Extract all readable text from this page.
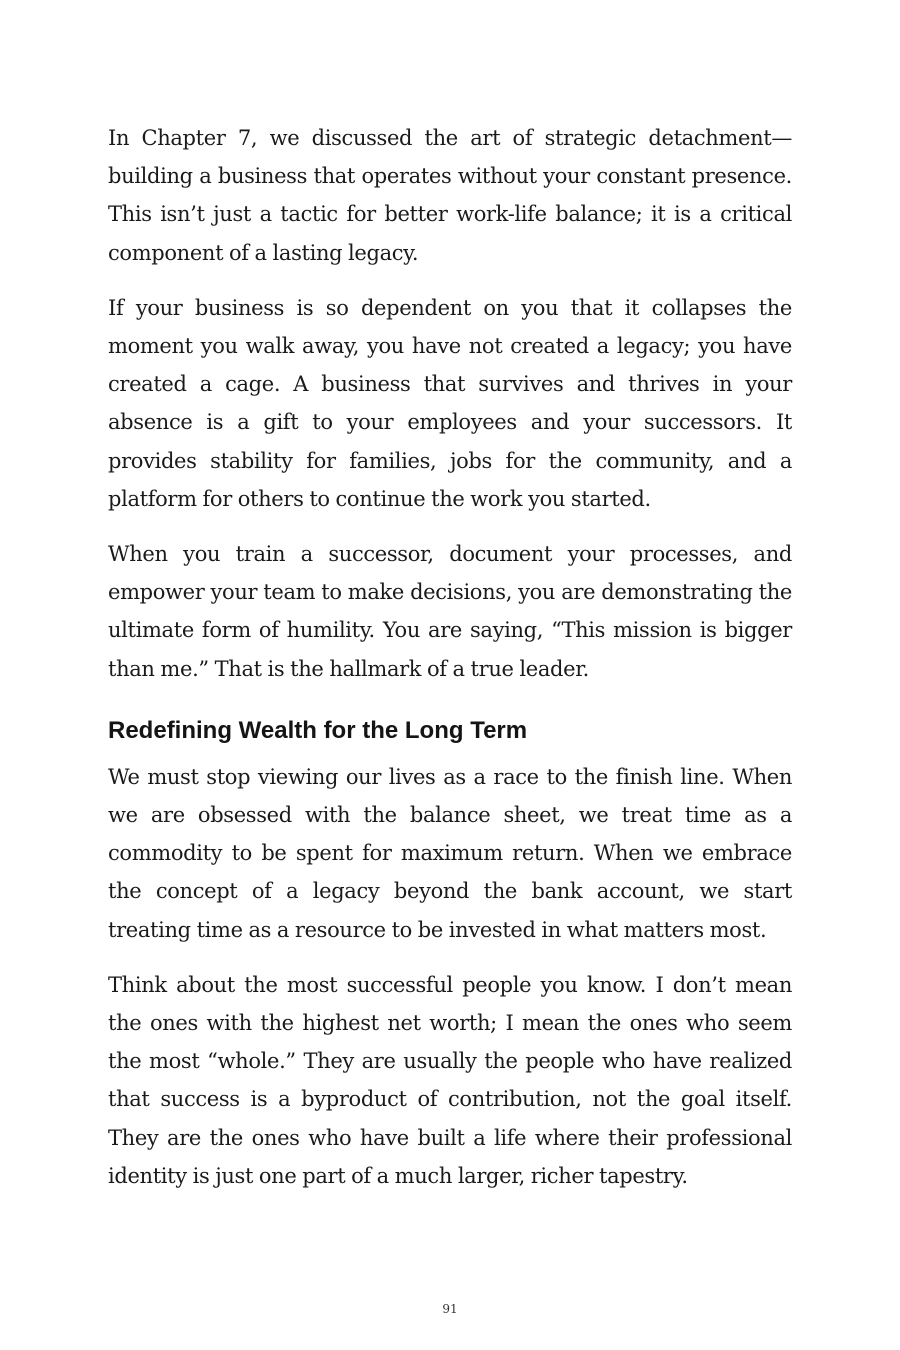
In Chapter 7, we discussed the art of strategic detachment—building a business that operates without your constant presence. This isn’t just a tactic for better work-life balance; it is a critical component of a lasting legacy.

If your business is so dependent on you that it collapses the moment you walk away, you have not created a legacy; you have created a cage. A business that survives and thrives in your absence is a gift to your employees and your successors. It provides stability for families, jobs for the community, and a platform for others to continue the work you started.

When you train a successor, document your processes, and empower your team to make decisions, you are demonstrating the ultimate form of humility. You are saying, “This mission is bigger than me.” That is the hallmark of a true leader.

Redefining Wealth for the Long Term

We must stop viewing our lives as a race to the finish line. When we are obsessed with the balance sheet, we treat time as a commodity to be spent for maximum return. When we embrace the concept of a legacy beyond the bank account, we start treating time as a resource to be invested in what matters most.

Think about the most successful people you know. I don’t mean the ones with the highest net worth; I mean the ones who seem the most “whole.” They are usually the people who have realized that success is a byproduct of contribution, not the goal itself. They are the ones who have built a life where their professional identity is just one part of a much larger, richer tapestry.

91
